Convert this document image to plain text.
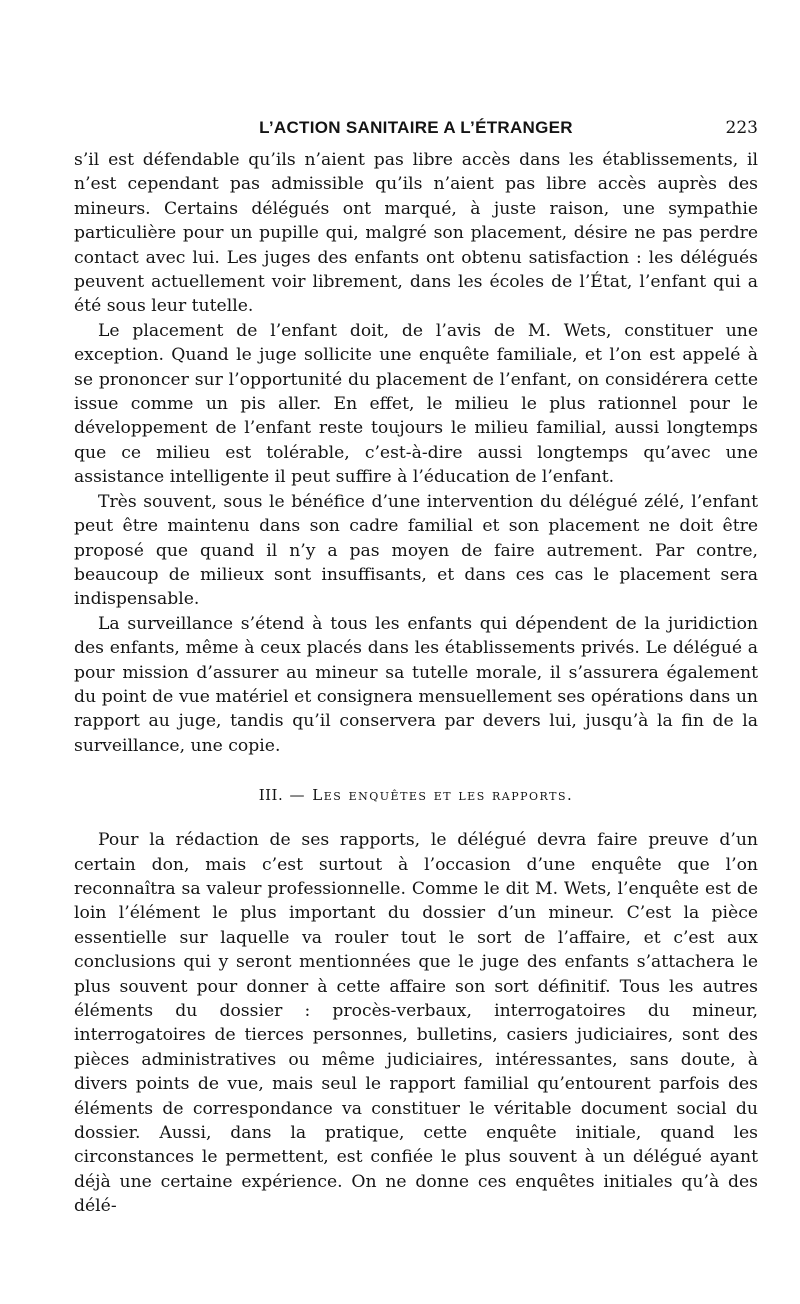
L’ACTION SANITAIRE A L’ÉTRANGER	223

s’il est défendable qu’ils n’aient pas libre accès dans les établissements, il n’est cependant pas admissible qu’ils n’aient pas libre accès auprès des mineurs. Certains délégués ont marqué, à juste raison, une sympathie particulière pour un pupille qui, malgré son placement, désire ne pas perdre contact avec lui. Les juges des enfants ont obtenu satisfaction : les délégués peuvent actuellement voir librement, dans les écoles de l’État, l’enfant qui a été sous leur tutelle.

Le placement de l’enfant doit, de l’avis de M. Wets, constituer une exception. Quand le juge sollicite une enquête familiale, et l’on est appelé à se prononcer sur l’opportunité du placement de l’enfant, on considérera cette issue comme un pis aller. En effet, le milieu le plus rationnel pour le développement de l’enfant reste toujours le milieu familial, aussi longtemps que ce milieu est tolérable, c’est-à-dire aussi longtemps qu’avec une assistance intelligente il peut suffire à l’éducation de l’enfant.

Très souvent, sous le bénéfice d’une intervention du délégué zélé, l’enfant peut être maintenu dans son cadre familial et son placement ne doit être proposé que quand il n’y a pas moyen de faire autrement. Par contre, beaucoup de milieux sont insuffisants, et dans ces cas le placement sera indispensable.

La surveillance s’étend à tous les enfants qui dépendent de la juridiction des enfants, même à ceux placés dans les établissements privés. Le délégué a pour mission d’assurer au mineur sa tutelle morale, il s’assurera également du point de vue matériel et consignera mensuellement ses opérations dans un rapport au juge, tandis qu’il conservera par devers lui, jusqu’à la fin de la surveillance, une copie.

III. — Les enquêtes et les rapports.

Pour la rédaction de ses rapports, le délégué devra faire preuve d’un certain don, mais c’est surtout à l’occasion d’une enquête que l’on reconnaîtra sa valeur professionnelle. Comme le dit M. Wets, l’enquête est de loin l’élément le plus important du dossier d’un mineur. C’est la pièce essentielle sur laquelle va rouler tout le sort de l’affaire, et c’est aux conclusions qui y seront mentionnées que le juge des enfants s’attachera le plus souvent pour donner à cette affaire son sort définitif. Tous les autres éléments du dossier : procès-verbaux, interrogatoires du mineur, interrogatoires de tierces personnes, bulletins, casiers judiciaires, sont des pièces administratives ou même judiciaires, intéressantes, sans doute, à divers points de vue, mais seul le rapport familial qu’entourent parfois des éléments de correspondance va constituer le véritable document social du dossier. Aussi, dans la pratique, cette enquête initiale, quand les circonstances le permettent, est confiée le plus souvent à un délégué ayant déjà une certaine expérience. On ne donne ces enquêtes initiales qu’à des délé-
